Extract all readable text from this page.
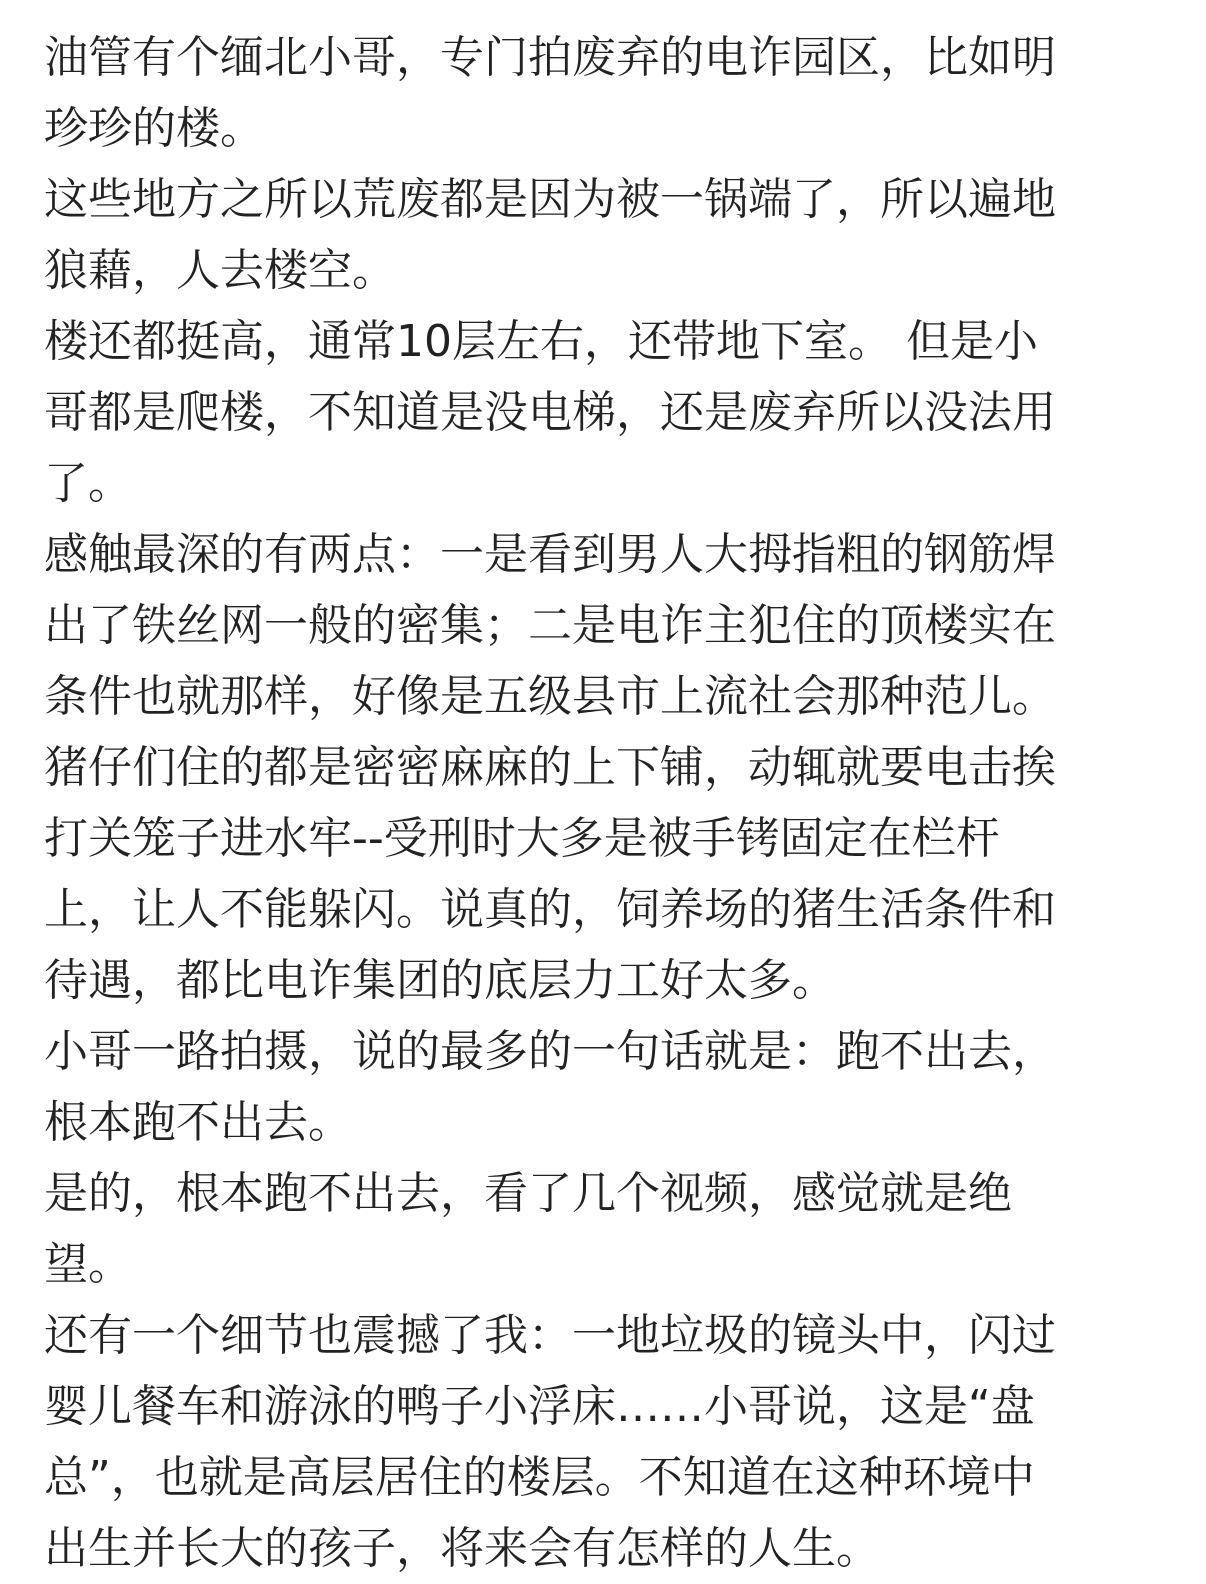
油管有个缅北小哥，专门拍废弃的电诈园区，比如明
珍珍的楼。
这些地方之所以荒废都是因为被一锅端了，所以遍地
狼藉，人去楼空。
楼还都挺高，通常10层左右，还带地下室。 但是小
哥都是爬楼，不知道是没电梯，还是废弃所以没法用
了。
感触最深的有两点：一是看到男人大拇指粗的钢筋焊
出了铁丝网一般的密集；二是电诈主犯住的顶楼实在
条件也就那样，好像是五级县市上流社会那种范儿。
猪仔们住的都是密密麻麻的上下铺，动辄就要电击挨
打关笼子进水牢--受刑时大多是被手铐固定在栏杆
上，让人不能躲闪。说真的，饲养场的猪生活条件和
待遇，都比电诈集团的底层力工好太多。
小哥一路拍摄，说的最多的一句话就是：跑不出去，
根本跑不出去。
是的，根本跑不出去，看了几个视频，感觉就是绝
望。
还有一个细节也震撼了我：一地垃圾的镜头中，闪过
婴儿餐车和游泳的鸭子小浮床……小哥说，这是“盘
总”，也就是高层居住的楼层。不知道在这种环境中
出生并长大的孩子，将来会有怎样的人生。
